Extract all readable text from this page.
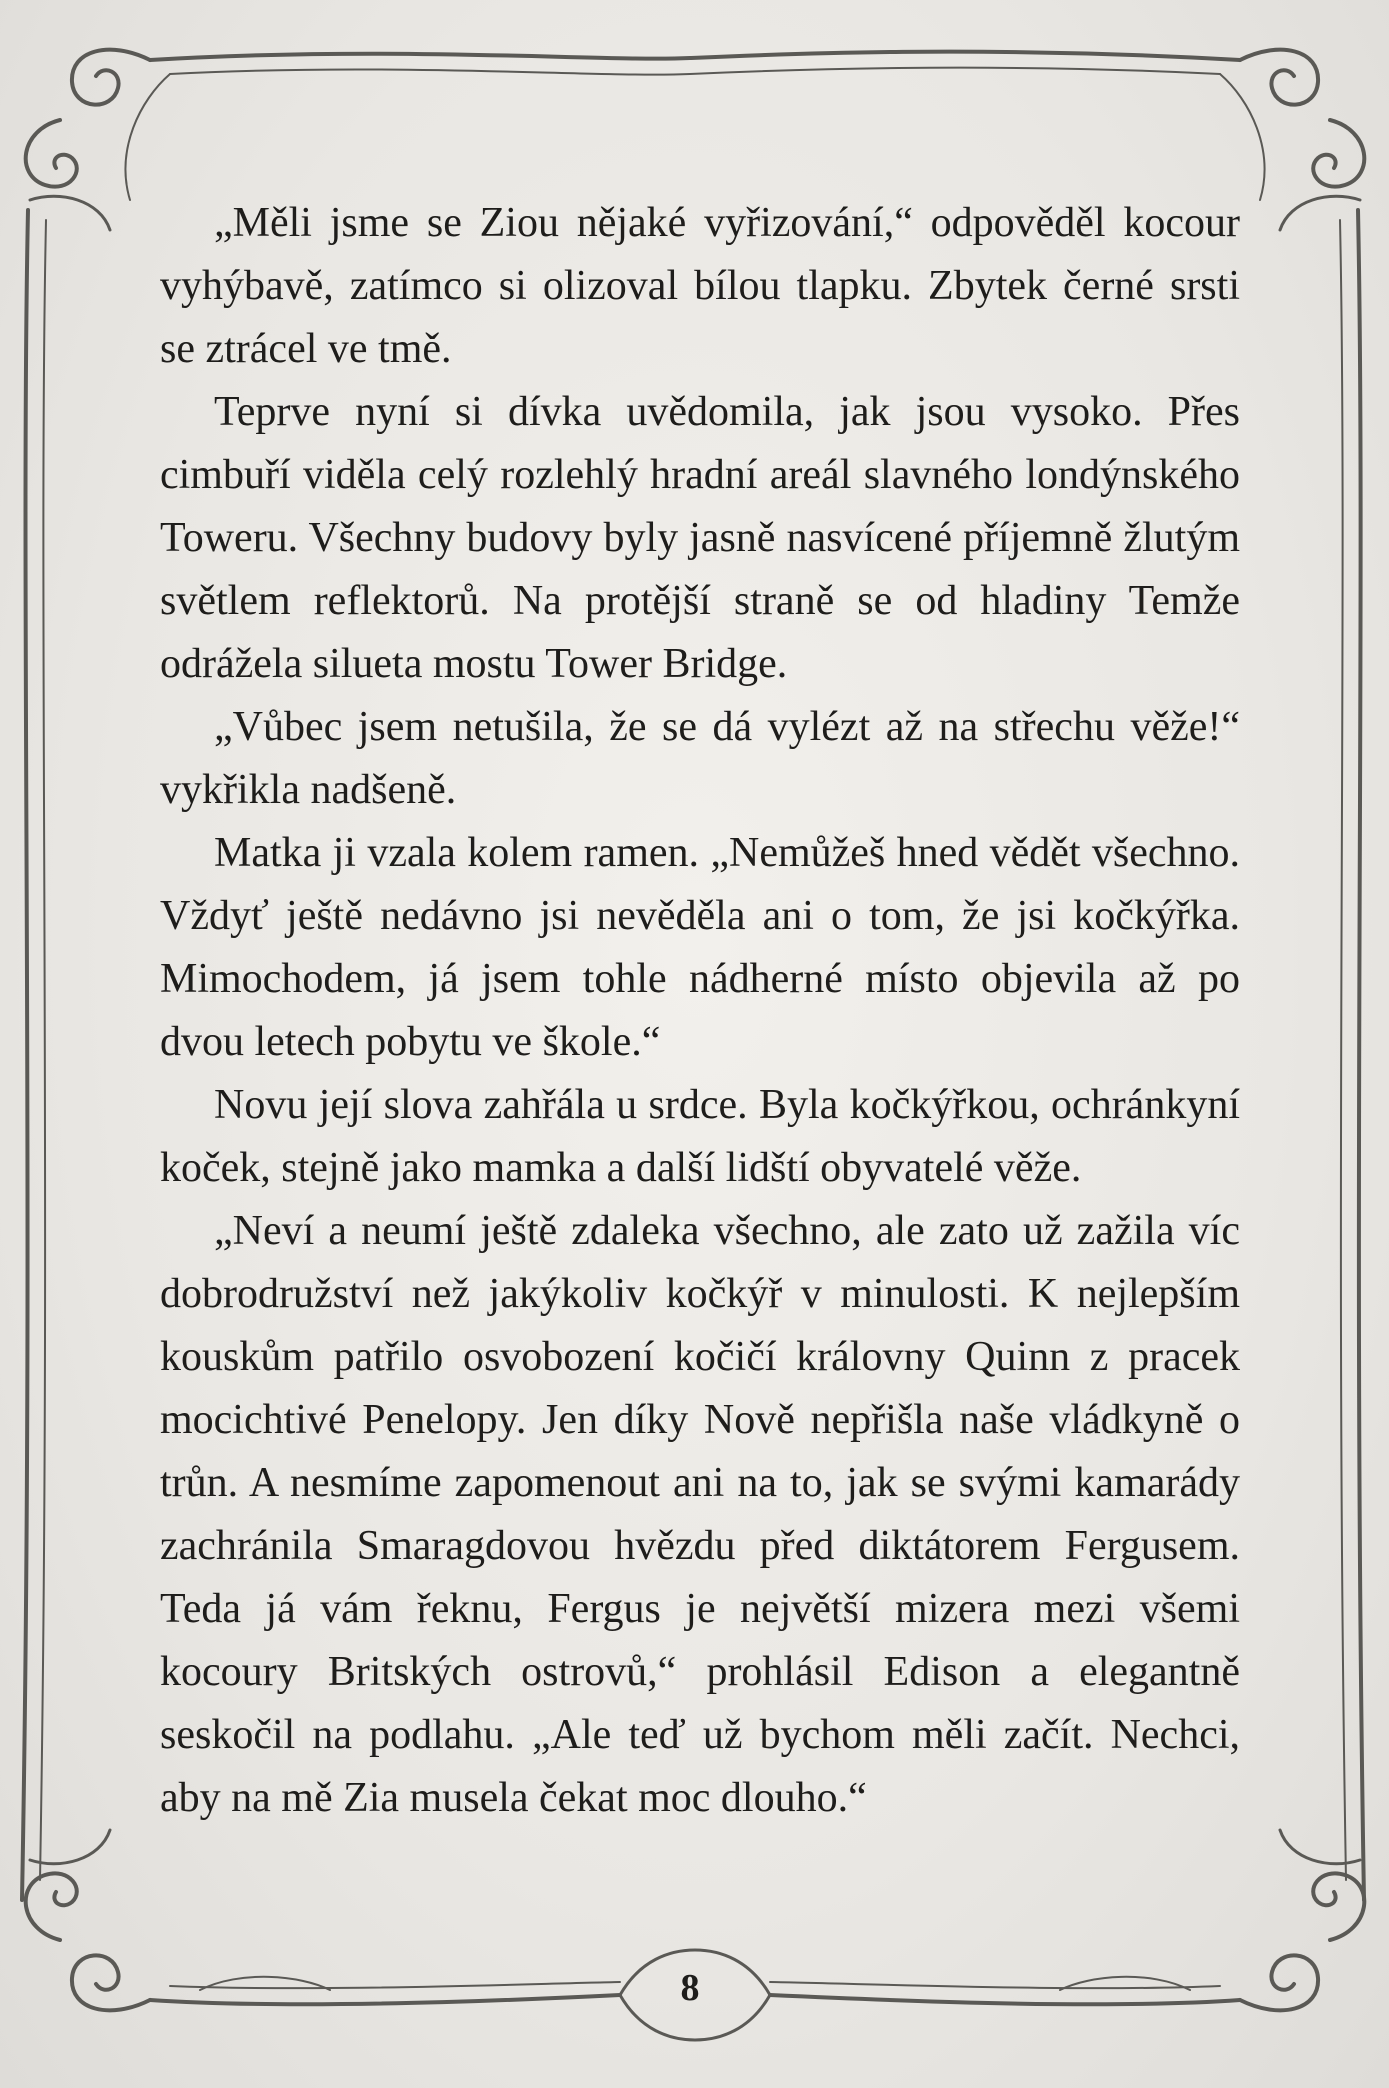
„Měli jsme se Ziou nějaké vyřizování,“ odpověděl kocour vyhýbavě, zatímco si olizoval bílou tlapku. Zbytek černé srsti se ztrácel ve tmě.

Teprve nyní si dívka uvědomila, jak jsou vysoko. Přes cimbuří viděla celý rozlehlý hradní areál slavného londýnského Toweru. Všechny budovy byly jasně nasvícené příjemně žlutým světlem reflektorů. Na protější straně se od hladiny Temže odrážela silueta mostu Tower Bridge.

„Vůbec jsem netušila, že se dá vylézt až na střechu věže!“ vykřikla nadšeně.

Matka ji vzala kolem ramen. „Nemůžeš hned vědět všechno. Vždyť ještě nedávno jsi nevěděla ani o tom, že jsi kočkýřka. Mimochodem, já jsem tohle nádherné místo objevila až po dvou letech pobytu ve škole.“

Novu její slova zahřála u srdce. Byla kočkýřkou, ochránkyní koček, stejně jako mamka a další lidští obyvatelé věže.

„Neví a neumí ještě zdaleka všechno, ale zato už zažila víc dobrodružství než jakýkoliv kočkýř v minulosti. K nejlepším kouskům patřilo osvobození kočičí královny Quinn z pracek mocichtivé Penelopy. Jen díky Nově nepřišla naše vládkyně o trůn. A nesmíme zapomenout ani na to, jak se svými kamarády zachránila Smaragdovou hvězdu před diktátorem Fergusem. Teda já vám řeknu, Fergus je největší mizera mezi všemi kocoury Britských ostrovů,“ prohlásil Edison a elegantně seskočil na podlahu. „Ale teď už bychom měli začít. Nechci, aby na mě Zia musela čekat moc dlouho.“

8
